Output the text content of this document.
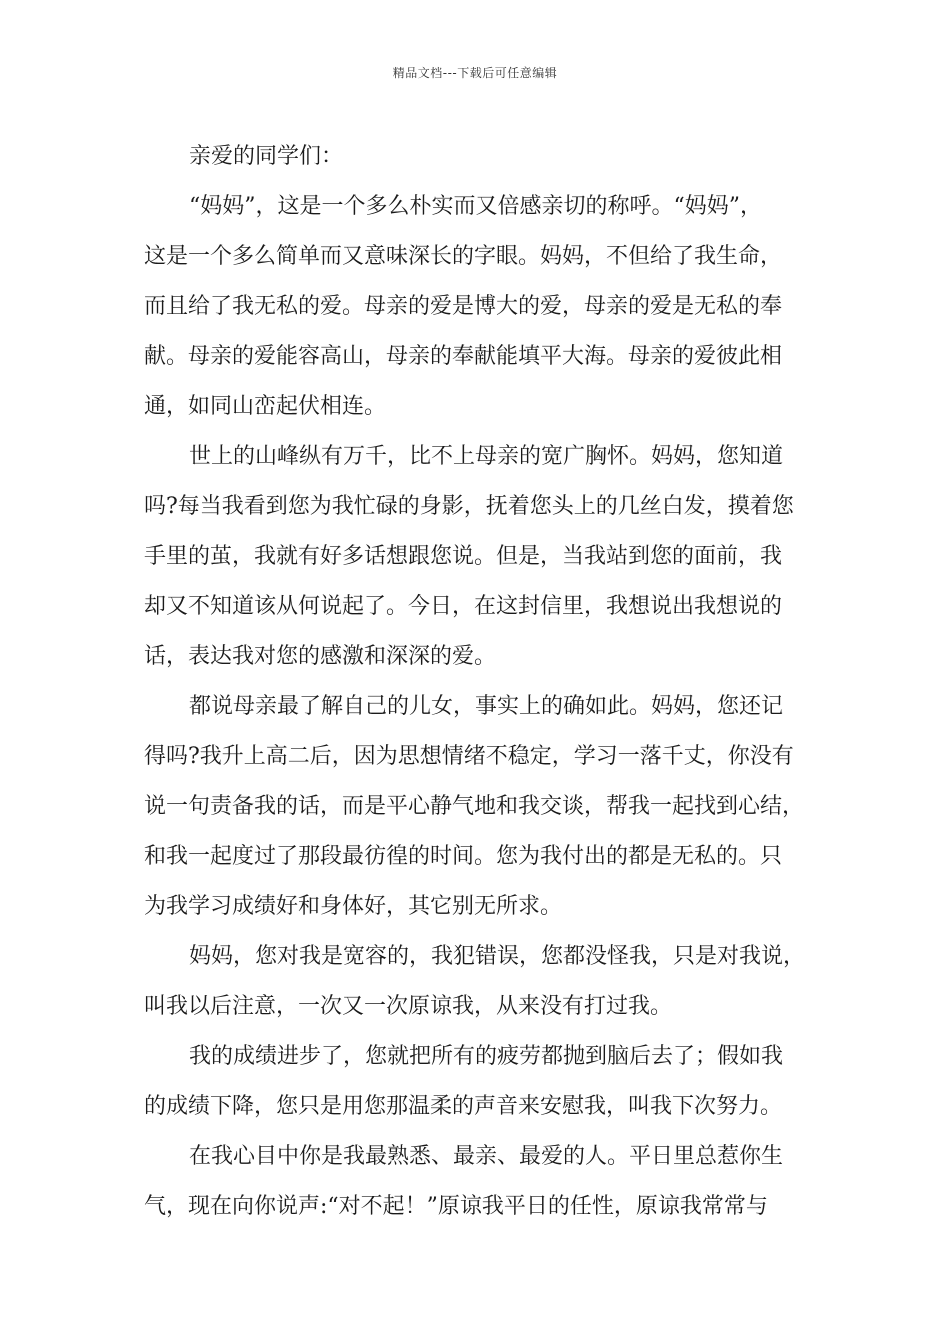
精品文档---下载后可任意编辑
亲爱的同学们：
“妈妈”，这是一个多么朴实而又倍感亲切的称呼。“妈妈”，
这是一个多么简单而又意味深长的字眼。妈妈，不但给了我生命，
而且给了我无私的爱。母亲的爱是博大的爱，母亲的爱是无私的奉
献。母亲的爱能容高山，母亲的奉献能填平大海。母亲的爱彼此相
通，如同山峦起伏相连。
世上的山峰纵有万千，比不上母亲的宽广胸怀。妈妈，您知道
吗?每当我看到您为我忙碌的身影，抚着您头上的几丝白发，摸着您
手里的茧，我就有好多话想跟您说。但是，当我站到您的面前，我
却又不知道该从何说起了。今日，在这封信里，我想说出我想说的
话，表达我对您的感激和深深的爱。
都说母亲最了解自己的儿女，事实上的确如此。妈妈，您还记
得吗?我升上高二后，因为思想情绪不稳定，学习一落千丈，你没有
说一句责备我的话，而是平心静气地和我交谈，帮我一起找到心结，
和我一起度过了那段最彷徨的时间。您为我付出的都是无私的。只
为我学习成绩好和身体好，其它别无所求。
妈妈，您对我是宽容的，我犯错误，您都没怪我，只是对我说，
叫我以后注意，一次又一次原谅我，从来没有打过我。
我的成绩进步了，您就把所有的疲劳都抛到脑后去了；假如我
的成绩下降，您只是用您那温柔的声音来安慰我，叫我下次努力。
在我心目中你是我最熟悉、最亲、最爱的人。平日里总惹你生
气，现在向你说声:“对不起！”原谅我平日的任性，原谅我常常与
